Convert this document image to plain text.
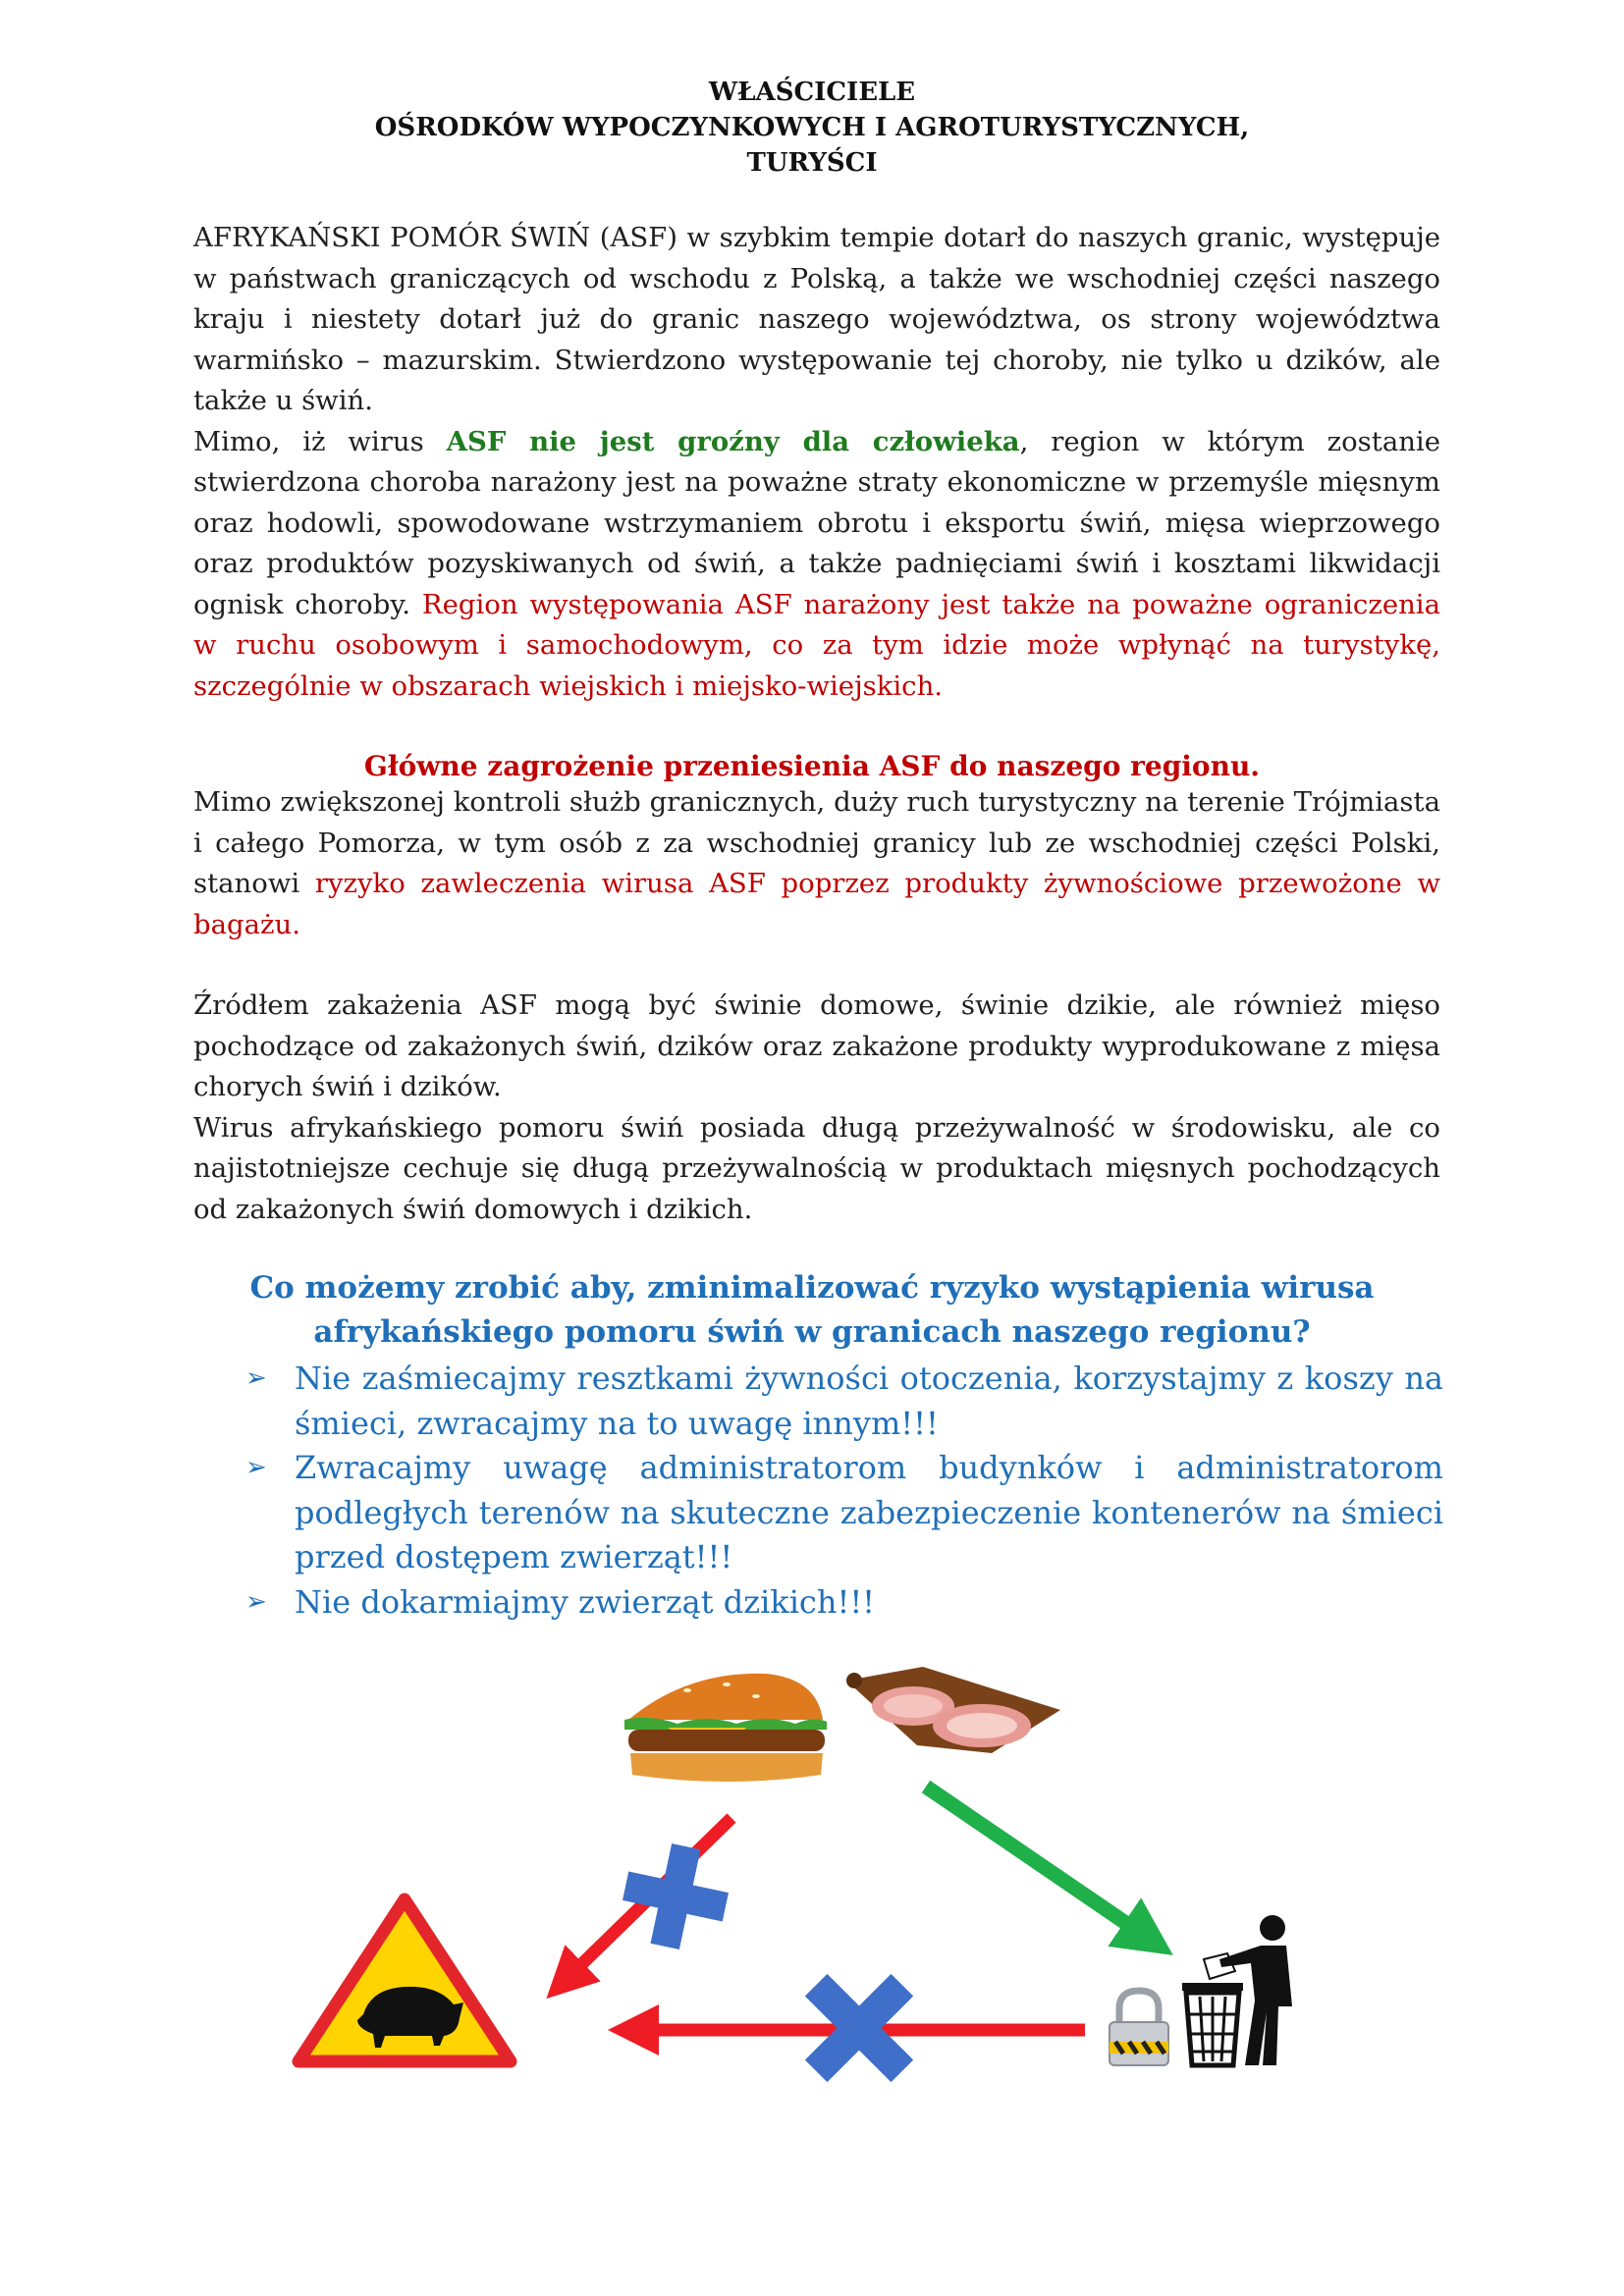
WŁAŚCICIELE
OŚRODKÓW WYPOCZYNKOWYCH I AGROTURYSTYCZNYCH,
TURYŚCI

AFRYKAŃSKI POMÓR ŚWIŃ (ASF) w szybkim tempie dotarł do naszych granic, występuje w państwach graniczących od wschodu z Polską, a także we wschodniej części naszego kraju i niestety dotarł już do granic naszego województwa, os strony województwa warmińsko – mazurskim. Stwierdzono występowanie tej choroby, nie tylko u dzików, ale także u świń.

Mimo, iż wirus ASF nie jest groźny dla człowieka, region w którym zostanie stwierdzona choroba narażony jest na poważne straty ekonomiczne w przemyśle mięsnym oraz hodowli, spowodowane wstrzymaniem obrotu i eksportu świń, mięsa wieprzowego oraz produktów pozyskiwanych od świń, a także padnięciami świń i kosztami likwidacji ognisk choroby. Region występowania ASF narażony jest także na poważne ograniczenia w ruchu osobowym i samochodowym, co za tym idzie może wpłynąć na turystykę, szczególnie w obszarach wiejskich i miejsko-wiejskich.

Główne zagrożenie przeniesienia ASF do naszego regionu.

Mimo zwiększonej kontroli służb granicznych, duży ruch turystyczny na terenie Trójmiasta i całego Pomorza, w tym osób z za wschodniej granicy lub ze wschodniej części Polski, stanowi ryzyko zawleczenia wirusa ASF poprzez produkty żywnościowe przewożone w bagażu.

Źródłem zakażenia ASF mogą być świnie domowe, świnie dzikie, ale również mięso pochodzące od zakażonych świń, dzików oraz zakażone produkty wyprodukowane z mięsa chorych świń i dzików.

Wirus afrykańskiego pomoru świń posiada długą przeżywalność w środowisku, ale co najistotniejsze cechuje się długą przeżywalnością w produktach mięsnych pochodzących od zakażonych świń domowych i dzikich.

Co możemy zrobić aby, zminimalizować ryzyko wystąpienia wirusa
afrykańskiego pomoru świń w granicach naszego regionu?

➢ Nie zaśmiecajmy resztkami żywności otoczenia, korzystajmy z koszy na śmieci, zwracajmy na to uwagę innym!!!

➢ Zwracajmy uwagę administratorom budynków i administratorom podległych terenów na skuteczne zabezpieczenie kontenerów na śmieci przed dostępem zwierząt!!!

➢ Nie dokarmiajmy zwierząt dzikich!!!
